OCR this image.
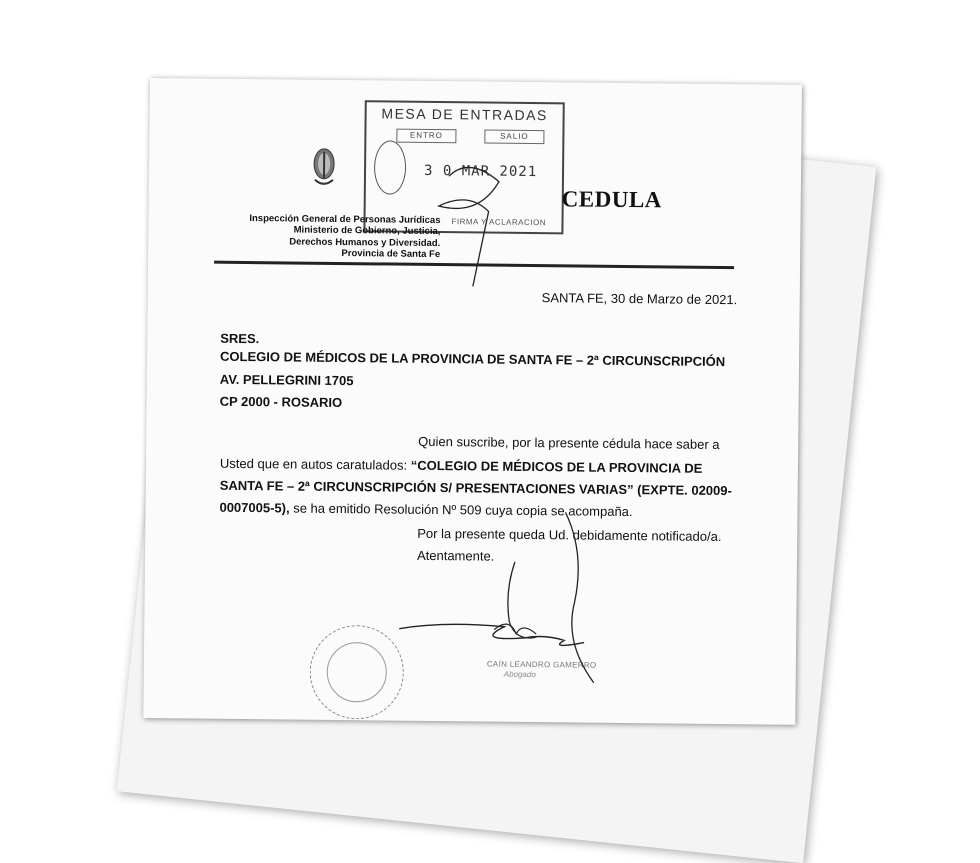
MESA DE ENTRADAS
ENTRO	SALIO
3 0 MAR 2021
FIRMA Y ACLARACION
CEDULA
Inspección General de Personas Jurídicas
Ministerio de Gobierno, Justicia,
Derechos Humanos y Diversidad.
Provincia de Santa Fe
SANTA FE, 30 de Marzo de 2021.
SRES.
COLEGIO DE MÉDICOS DE LA PROVINCIA DE SANTA FE – 2ª CIRCUNSCRIPCIÓN
AV. PELLEGRINI 1705
CP 2000 - ROSARIO
Quien suscribe, por la presente cédula hace saber a
Usted que en autos caratulados: “COLEGIO DE MÉDICOS DE LA PROVINCIA DE
SANTA FE – 2ª CIRCUNSCRIPCIÓN S/ PRESENTACIONES VARIAS” (EXPTE. 02009-
0007005-5), se ha emitido Resolución Nº 509 cuya copia se acompaña.
Por la presente queda Ud. debidamente notificado/a.
Atentamente.
CAÍN LEANDRO GAMERRO
Abogado
